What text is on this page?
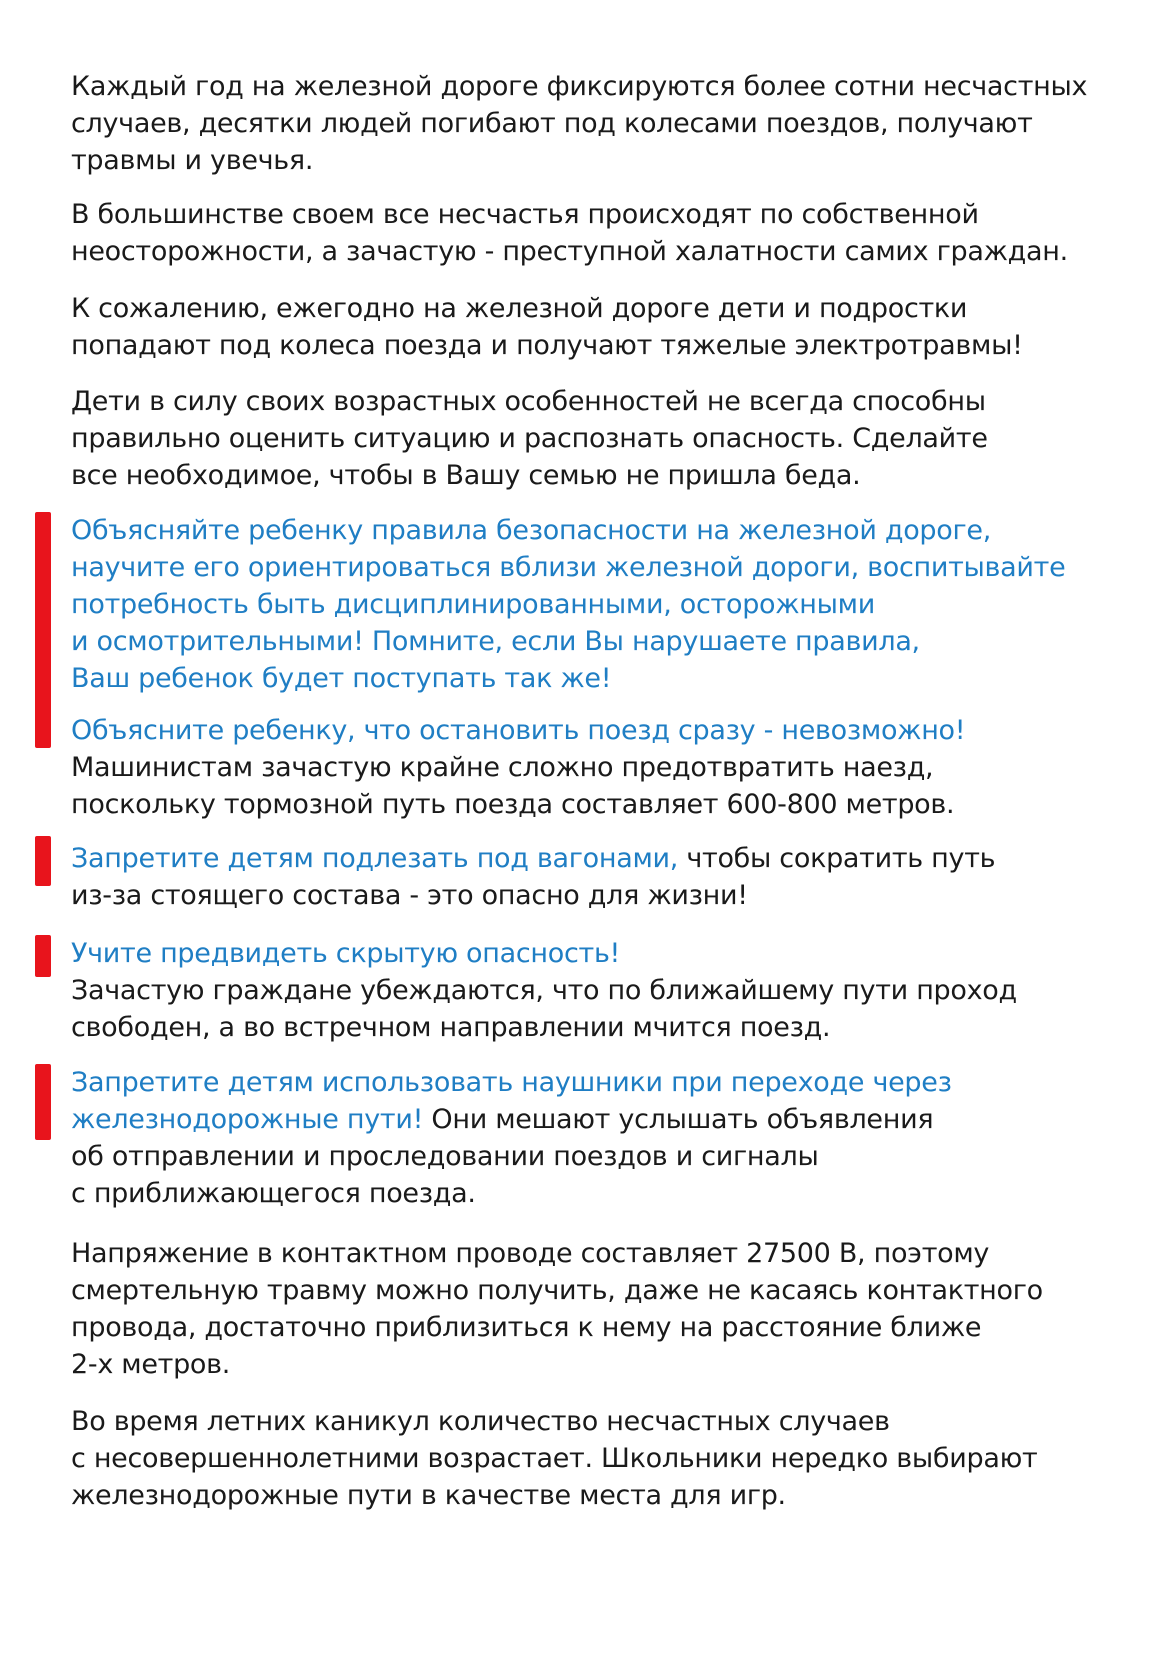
Каждый год на железной дороге фиксируются более сотни несчастных
случаев, десятки людей погибают под колесами поездов, получают
травмы и увечья.
В большинстве своем все несчастья происходят по собственной
неосторожности, а зачастую - преступной халатности самих граждан.
К сожалению, ежегодно на железной дороге дети и подростки
попадают под колеса поезда и получают тяжелые электротравмы!
Дети в силу своих возрастных особенностей не всегда способны
правильно оценить ситуацию и распознать опасность. Сделайте
все необходимое, чтобы в Вашу семью не пришла беда.
Объясняйте ребенку правила безопасности на железной дороге,
научите его ориентироваться вблизи железной дороги, воспитывайте
потребность быть дисциплинированными, осторожными
и осмотрительными! Помните, если Вы нарушаете правила,
Ваш ребенок будет поступать так же!
Объясните ребенку, что остановить поезд сразу - невозможно!
Машинистам зачастую крайне сложно предотвратить наезд,
поскольку тормозной путь поезда составляет 600-800 метров.
Запретите детям подлезать под вагонами, чтобы сократить путь
из-за стоящего состава - это опасно для жизни!
Учите предвидеть скрытую опасность!
Зачастую граждане убеждаются, что по ближайшему пути проход
свободен, а во встречном направлении мчится поезд.
Запретите детям использовать наушники при переходе через
железнодорожные пути! Они мешают услышать объявления
об отправлении и проследовании поездов и сигналы
с приближающегося поезда.
Напряжение в контактном проводе составляет 27500 В, поэтому
смертельную травму можно получить, даже не касаясь контактного
провода, достаточно приблизиться к нему на расстояние ближе
2-х метров.
Во время летних каникул количество несчастных случаев
с несовершеннолетними возрастает. Школьники нередко выбирают
железнодорожные пути в качестве места для игр.
